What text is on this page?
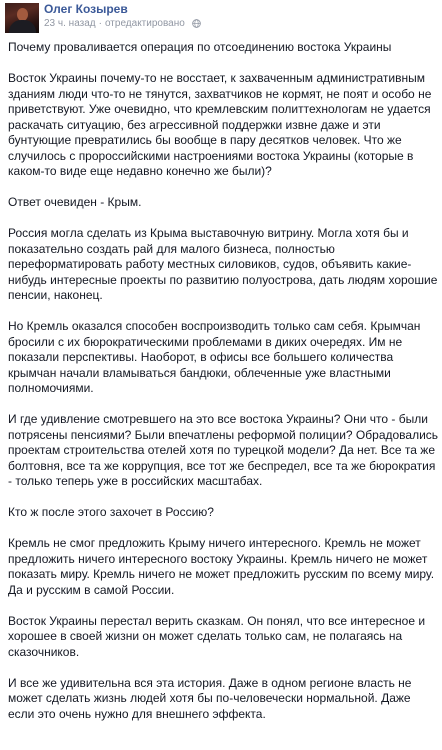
Олег Козырев
23 ч. назад · отредактировано

Почему проваливается операция по отсоединению востока Украины

Восток Украины почему-то не восстает, к захваченным административным зданиям люди что-то не тянутся, захватчиков не кормят, не поят и особо не приветствуют. Уже очевидно, что кремлевским политтехнологам не удается раскачать ситуацию, без агрессивной поддержки извне даже и эти бунтующие превратились бы вообще в пару десятков человек. Что же случилось с пророссийскими настроениями востока Украины (которые в каком-то виде еще недавно конечно же были)?

Ответ очевиден - Крым.

Россия могла сделать из Крыма выставочную витрину. Могла хотя бы и показательно создать рай для малого бизнеса, полностью переформатировать работу местных силовиков, судов, объявить какие-нибудь интересные проекты по развитию полуострова, дать людям хорошие пенсии, наконец.

Но Кремль оказался способен воспроизводить только сам себя. Крымчан бросили с их бюрократическими проблемами в диких очередях. Им не показали перспективы. Наоборот, в офисы все большего количества крымчан начали вламываться бандюки, облеченные уже властными полномочиями.

И где удивление смотревшего на это все востока Украины? Они что - были потрясены пенсиями? Были впечатлены реформой полиции? Обрадовались проектам строительства отелей хотя по турецкой модели? Да нет. Все та же болтовня, все та же коррупция, все тот же беспредел, все та же бюрократия - только теперь уже в российских масштабах.

Кто ж после этого захочет в Россию?

Кремль не смог предложить Крыму ничего интересного. Кремль не может предложить ничего интересного востоку Украины. Кремль ничего не может показать миру. Кремль ничего не может предложить русским по всему миру. Да и русским в самой России.

Восток Украины перестал верить сказкам. Он понял, что все интересное и хорошее в своей жизни он может сделать только сам, не полагаясь на сказочников.

И все же удивительна вся эта история. Даже в одном регионе власть не может сделать жизнь людей хотя бы по-человечески нормальной. Даже если это очень нужно для внешнего эффекта.
